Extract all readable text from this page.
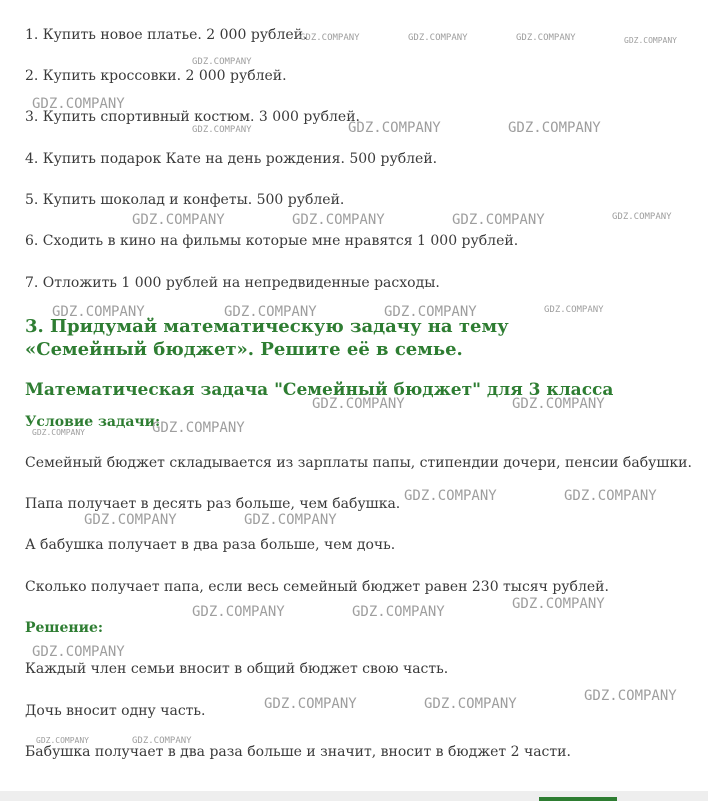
1. Купить новое платье. 2 000 рублей.
2. Купить кроссовки. 2 000 рублей.
3. Купить спортивный костюм. 3 000 рублей.
4. Купить подарок Кате на день рождения. 500 рублей.
5. Купить шоколад и конфеты. 500 рублей.
6. Сходить в кино на фильмы которые мне нравятся 1 000 рублей.
7. Отложить 1 000 рублей на непредвиденные расходы.
3. Придумай математическую задачу на тему «Семейный бюджет». Решите её в семье.
Математическая задача "Семейный бюджет" для 3 класса
Условие задачи:
Семейный бюджет складывается из зарплаты папы, стипендии дочери, пенсии бабушки.
Папа получает в десять раз больше, чем бабушка.
А бабушка получает в два раза больше, чем дочь.
Сколько получает папа, если весь семейный бюджет равен 230 тысяч рублей.
Решение:
Каждый член семьи вносит в общий бюджет свою часть.
Дочь вносит одну часть.
Бабушка получает в два раза больше и значит, вносит в бюджет 2 части.
GDZ.COMPANY	GDZ.COMPANY	GDZ.COMPANY	GDZ.COMPANY
GDZ.COMPANY
GDZ.COMPANY
GDZ.COMPANY	GDZ.COMPANY	GDZ.COMPANY
GDZ.COMPANY	GDZ.COMPANY	GDZ.COMPANY	GDZ.COMPANY
GDZ.COMPANY	GDZ.COMPANY	GDZ.COMPANY	GDZ.COMPANY
GDZ.COMPANY	GDZ.COMPANY
GDZ.COMPANY	GDZ.COMPANY
GDZ.COMPANY	GDZ.COMPANY
GDZ.COMPANY	GDZ.COMPANY
GDZ.COMPANY
GDZ.COMPANY	GDZ.COMPANY
GDZ.COMPANY
GDZ.COMPANY
GDZ.COMPANY	GDZ.COMPANY
GDZ.COMPANY	GDZ.COMPANY
